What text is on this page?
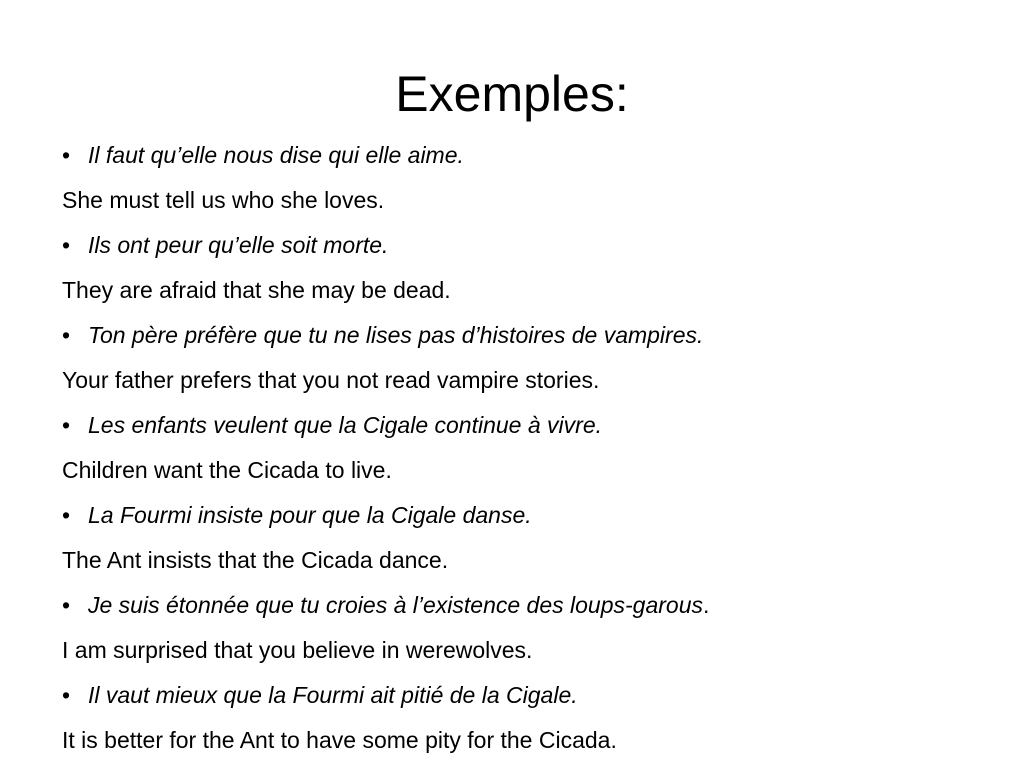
Exemples:
• Il faut qu’elle nous dise qui elle aime.
She must tell us who she loves.
• Ils ont peur qu’elle soit morte.
They are afraid that she may be dead.
• Ton père préfère que tu ne lises pas d’histoires de vampires.
Your father prefers that you not read vampire stories.
• Les enfants veulent que la Cigale continue à vivre.
Children want the Cicada to live.
• La Fourmi insiste pour que la Cigale danse.
The Ant insists that the Cicada dance.
• Je suis étonnée que tu croies à l’existence des loups-garous .
I am surprised that you believe in werewolves.
• Il vaut mieux que la Fourmi ait pitié de la Cigale.
It is better for the Ant to have some pity for the Cicada.
